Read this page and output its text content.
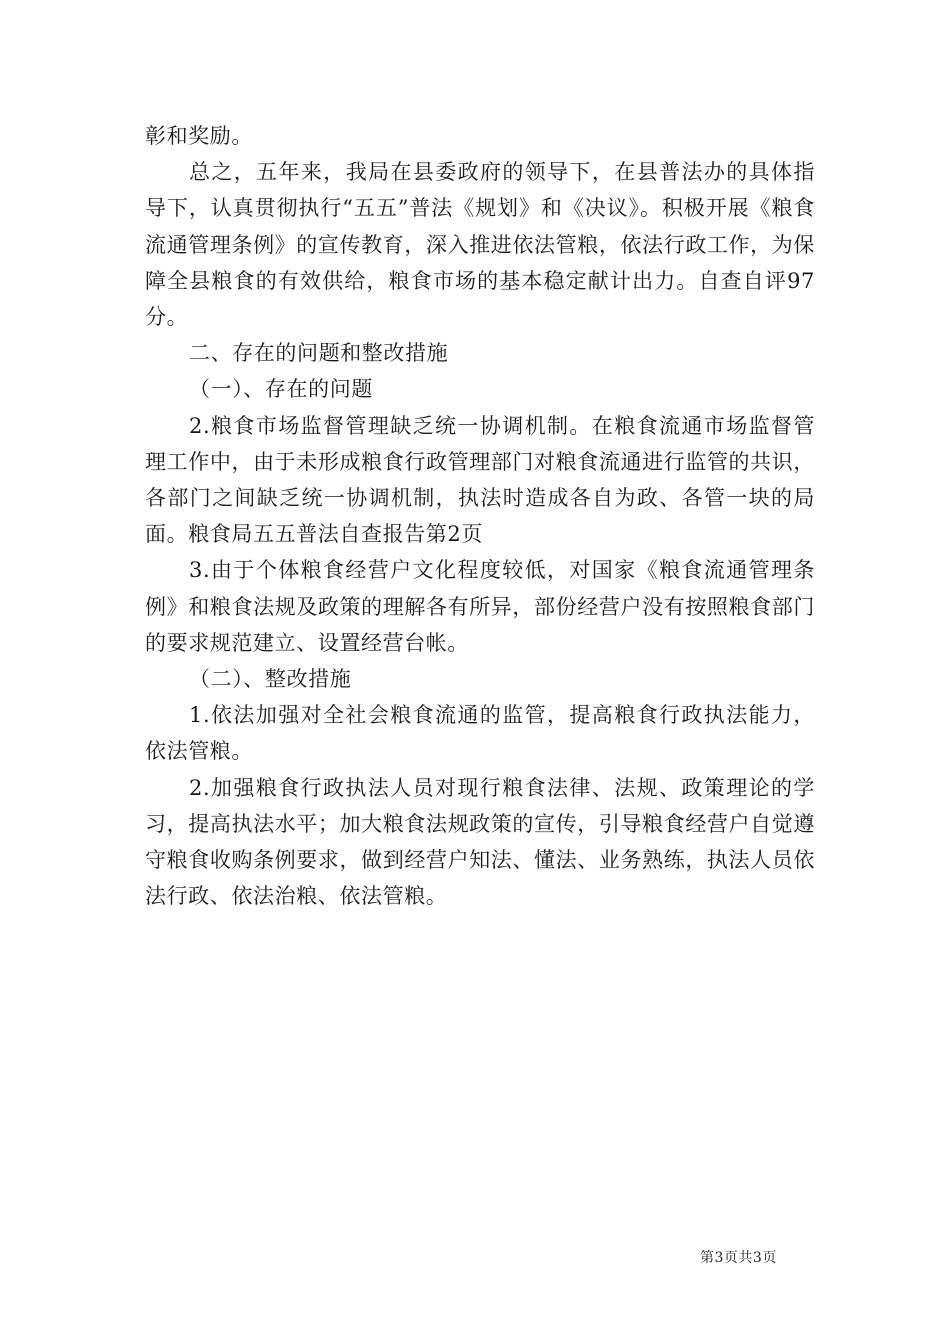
彰和奖励。

总之，五年来，我局在县委政府的领导下，在县普法办的具体指导下，认真贯彻执行“五五”普法《规划》和《决议》。积极开展《粮食流通管理条例》的宣传教育，深入推进依法管粮，依法行政工作，为保障全县粮食的有效供给，粮食市场的基本稳定献计出力。自查自评97分。

二、存在的问题和整改措施

（一）、存在的问题

2.粮食市场监督管理缺乏统一协调机制。在粮食流通市场监督管理工作中，由于未形成粮食行政管理部门对粮食流通进行监管的共识，各部门之间缺乏统一协调机制，执法时造成各自为政、各管一块的局面。粮食局五五普法自查报告第2页

3.由于个体粮食经营户文化程度较低，对国家《粮食流通管理条例》和粮食法规及政策的理解各有所异，部份经营户没有按照粮食部门的要求规范建立、设置经营台帐。

（二）、整改措施

1.依法加强对全社会粮食流通的监管，提高粮食行政执法能力，依法管粮。

2.加强粮食行政执法人员对现行粮食法律、法规、政策理论的学习，提高执法水平；加大粮食法规政策的宣传，引导粮食经营户自觉遵守粮食收购条例要求，做到经营户知法、懂法、业务熟练，执法人员依法行政、依法治粮、依法管粮。

第3页共3页
